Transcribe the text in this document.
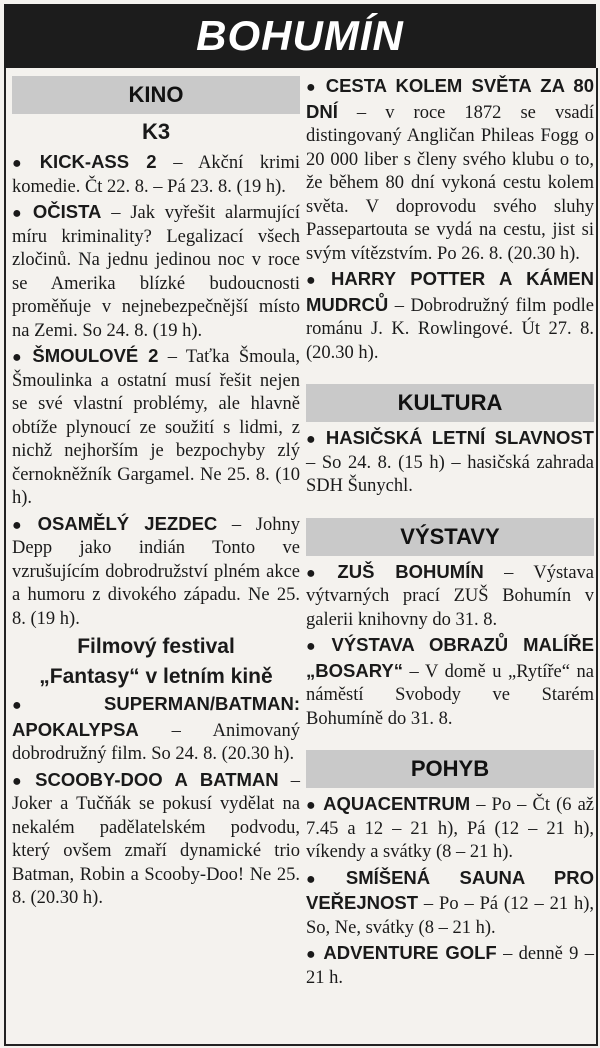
BOHUMÍN
KINO
K3

● KICK-ASS 2 – Akční krimi komedie. Čt 22. 8. – Pá 23. 8. (19 h).

● OČISTA – Jak vyřešit alarmující míru kriminality? Legalizací všech zločinů. Na jednu jedinou noc v roce se Amerika blízké budoucnosti proměňuje v nejnebezpečnější místo na Zemi. So 24. 8. (19 h).

● ŠMOULOVÉ 2 – Taťka Šmoula, Šmoulinka a ostatní musí řešit nejen se své vlastní problémy, ale hlavně obtíže plynoucí ze soužití s lidmi, z nichž nejhorším je bezpochyby zlý černokněžník Gargamel. Ne 25. 8. (10 h).

● OSAMĚLÝ JEZDEC – Johny Depp jako indián Tonto ve vzrušujícím dobrodružství plném akce a humoru z divokého západu. Ne 25. 8. (19 h).

Filmový festival
„Fantasy“ v letním kině

● SUPERMAN/BATMAN: APOKALYPSA – Animovaný dobrodružný film. So 24. 8. (20.30 h).

● SCOOBY-DOO A BATMAN – Joker a Tučňák se pokusí vydělat na nekalém padělatelském podvodu, který ovšem zmaří dynamické trio Batman, Robin a Scooby-Doo! Ne 25. 8. (20.30 h).

● CESTA KOLEM SVĚTA ZA 80 DNÍ – v roce 1872 se vsadí distingovaný Angličan Phileas Fogg o 20 000 liber s členy svého klubu o to, že během 80 dní vykoná cestu kolem světa. V doprovodu svého sluhy Passepartouta se vydá na cestu, jist si svým vítězstvím. Po 26. 8. (20.30 h).

● HARRY POTTER A KÁMEN MUDRCŮ – Dobrodružný film podle románu J. K. Rowlingové. Út 27. 8. (20.30 h).

KULTURA

● HASIČSKÁ LETNÍ SLAVNOST – So 24. 8. (15 h) – hasičská zahrada SDH Šunychl.

VÝSTAVY

● ZUŠ BOHUMÍN – Výstava výtvarných prací ZUŠ Bohumín v galerii knihovny do 31. 8.

● VÝSTAVA OBRAZŮ MALÍŘE „BOSARY“ – V domě u „Rytíře“ na náměstí Svobody ve Starém Bohumíně do 31. 8.

POHYB

● AQUACENTRUM – Po – Čt (6 až 7.45 a 12 – 21 h), Pá (12 – 21 h), víkendy a svátky (8 – 21 h).

● SMÍŠENÁ SAUNA PRO VEŘEJNOST – Po – Pá (12 – 21 h), So, Ne, svátky (8 – 21 h).

● ADVENTURE GOLF – denně 9 – 21 h.
